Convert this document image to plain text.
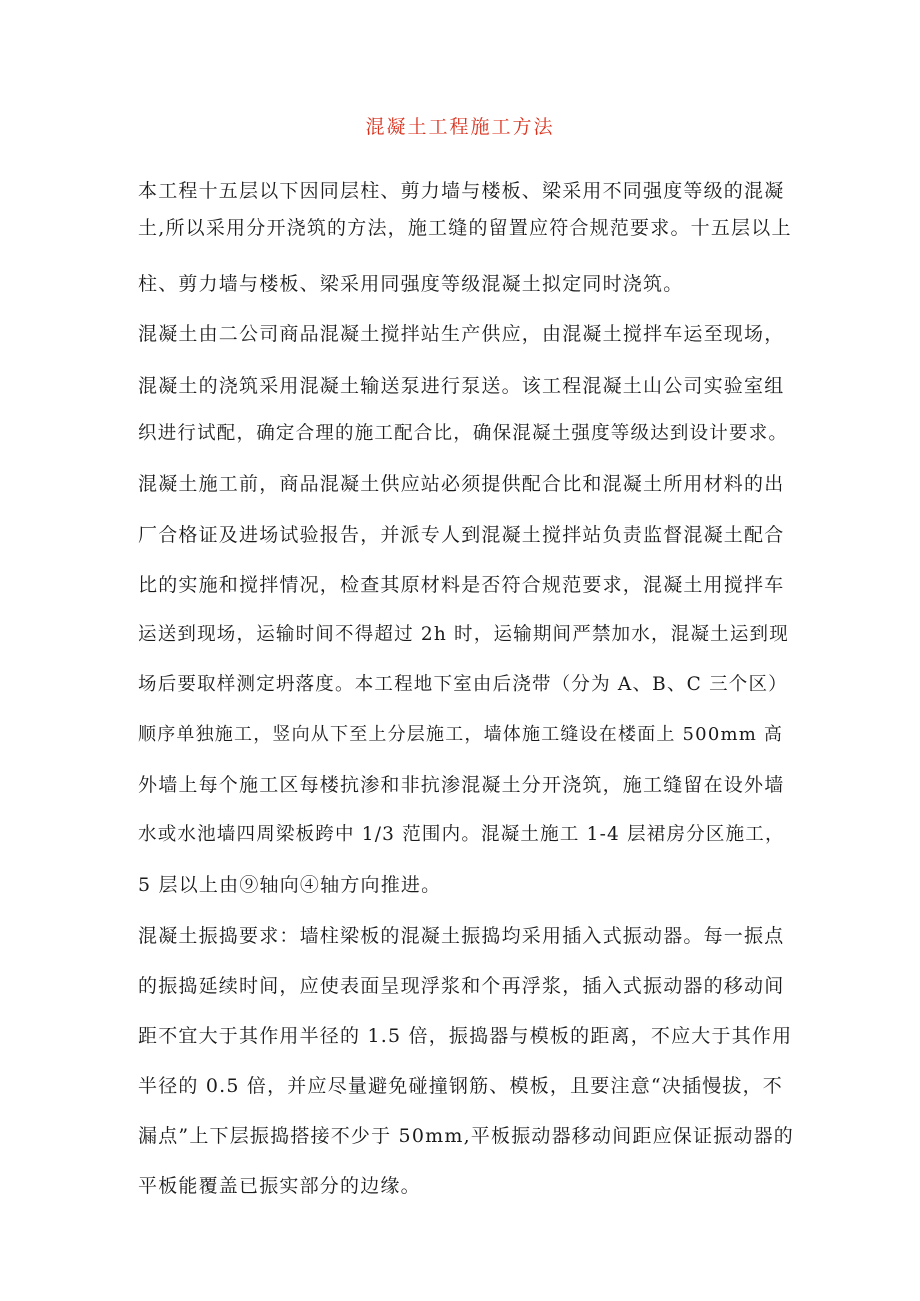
混凝土工程施工方法

本工程十五层以下因同层柱、剪力墙与楼板、梁采用不同强度等级的混凝

土,所以采用分开浇筑的方法，施工缝的留置应符合规范要求。十五层以上

柱、剪力墙与楼板、梁采用同强度等级混凝土拟定同时浇筑。

混凝土由二公司商品混凝土搅拌站生产供应，由混凝土搅拌车运至现场，

混凝土的浇筑采用混凝土输送泵进行泵送。该工程混凝土山公司实验室组

织进行试配，确定合理的施工配合比，确保混凝土强度等级达到设计要求。

混凝土施工前，商品混凝土供应站必须提供配合比和混凝土所用材料的出

厂合格证及进场试验报告，并派专人到混凝土搅拌站负责监督混凝土配合

比的实施和搅拌情况，检查其原材料是否符合规范要求，混凝土用搅拌车

运送到现场，运输时间不得超过 2h 时，运输期间严禁加水，混凝土运到现

场后要取样测定坍落度。本工程地下室由后浇带（分为 A、B、C 三个区）

顺序单独施工，竖向从下至上分层施工，墙体施工缝设在楼面上 500mm 高

外墙上每个施工区每楼抗渗和非抗渗混凝土分开浇筑，施工缝留在设外墙

水或水池墙四周梁板跨中 1/3 范围内。混凝土施工 1-4 层裙房分区施工，

5 层以上由⑨轴向④轴方向推进。

混凝土振捣要求：墙柱梁板的混凝土振捣均采用插入式振动器。每一振点

的振捣延续时间，应使表面呈现浮浆和个再浮浆，插入式振动器的移动间

距不宜大于其作用半径的 1.5 倍，振捣器与模板的距离，不应大于其作用

半径的 0.5 倍，并应尽量避免碰撞钢筋、模板，且要注意“决插慢拔，不

漏点”上下层振捣搭接不少于 50mm,平板振动器移动间距应保证振动器的

平板能覆盖已振实部分的边缘。
